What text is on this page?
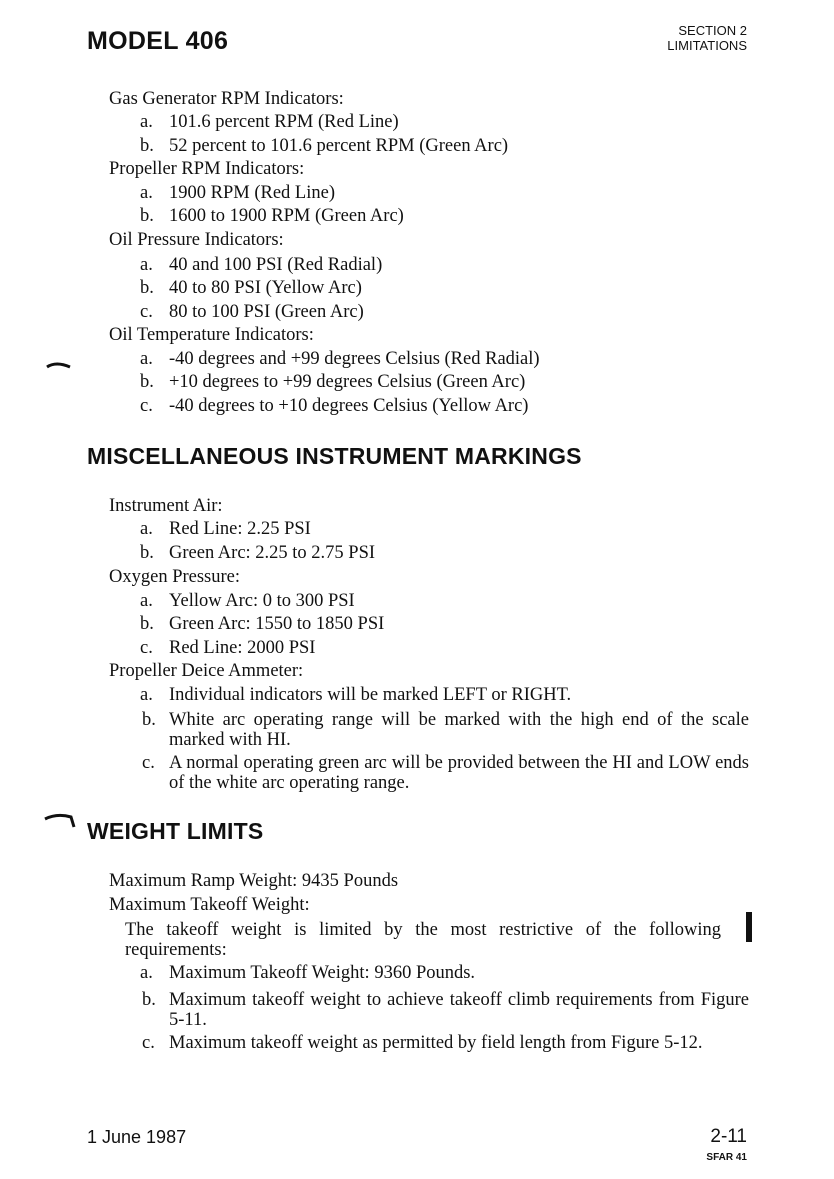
MODEL 406	SECTION 2
LIMITATIONS
Gas Generator RPM Indicators:
a. 101.6 percent RPM (Red Line)
b. 52 percent to 101.6 percent RPM (Green Arc)
Propeller RPM Indicators:
a. 1900 RPM (Red Line)
b. 1600 to 1900 RPM (Green Arc)
Oil Pressure Indicators:
a. 40 and 100 PSI (Red Radial)
b. 40 to 80 PSI (Yellow Arc)
c. 80 to 100 PSI (Green Arc)
Oil Temperature Indicators:
a. -40 degrees and +99 degrees Celsius (Red Radial)
b. +10 degrees to +99 degrees Celsius (Green Arc)
c. -40 degrees to +10 degrees Celsius (Yellow Arc)
MISCELLANEOUS INSTRUMENT MARKINGS
Instrument Air:
a. Red Line: 2.25 PSI
b. Green Arc: 2.25 to 2.75 PSI
Oxygen Pressure:
a. Yellow Arc: 0 to 300 PSI
b. Green Arc: 1550 to 1850 PSI
c. Red Line: 2000 PSI
Propeller Deice Ammeter:
a. Individual indicators will be marked LEFT or RIGHT.
b. White arc operating range will be marked with the high end of the scale marked with HI.
c. A normal operating green arc will be provided between the HI and LOW ends of the white arc operating range.
WEIGHT LIMITS
Maximum Ramp Weight: 9435 Pounds
Maximum Takeoff Weight:
The takeoff weight is limited by the most restrictive of the following requirements:
a. Maximum Takeoff Weight: 9360 Pounds.
b. Maximum takeoff weight to achieve takeoff climb requirements from Figure 5-11.
c. Maximum takeoff weight as permitted by field length from Figure 5-12.
1 June 1987	2-11
SFAR 41
